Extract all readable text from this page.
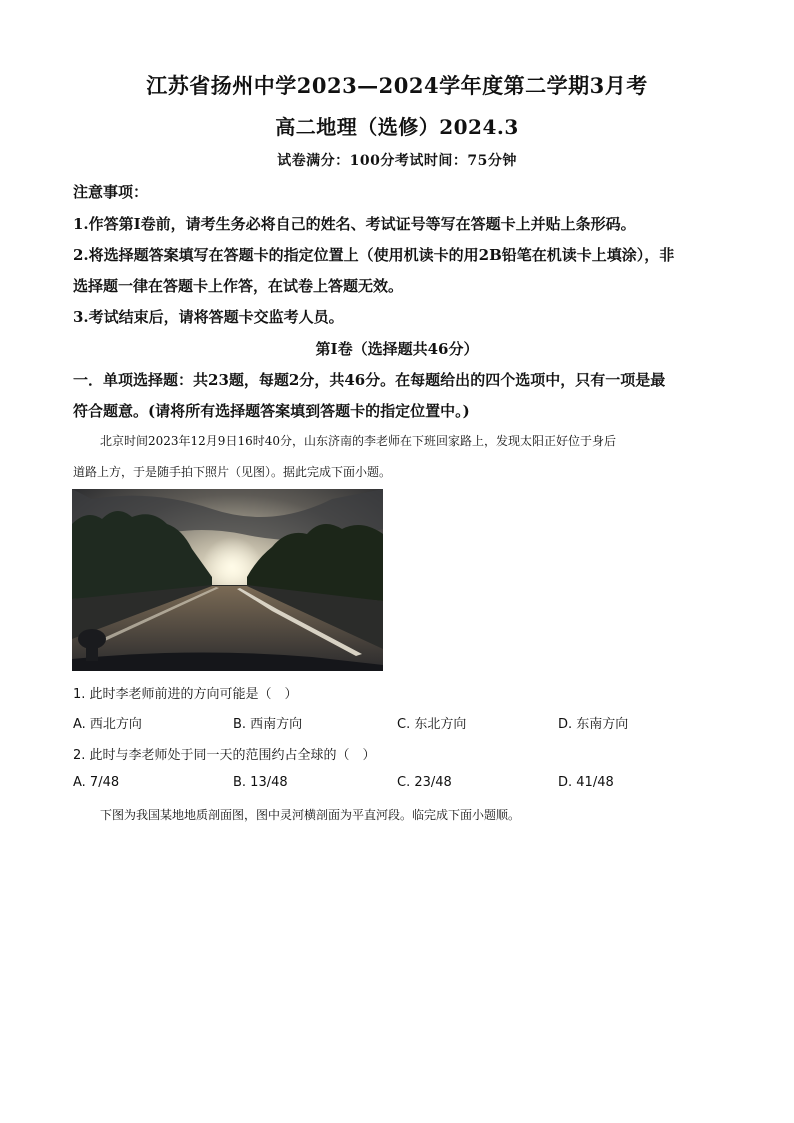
江苏省扬州中学2023—2024学年度第二学期3月考
高二地理（选修）2024.3
试卷满分：100分考试时间：75分钟
注意事项：
1.作答第Ⅰ卷前，请考生务必将自己的姓名、考试证号等写在答题卡上并贴上条形码。
2.将选择题答案填写在答题卡的指定位置上（使用机读卡的用2B铅笔在机读卡上填涂），非
选择题一律在答题卡上作答，在试卷上答题无效。
3.考试结束后，请将答题卡交监考人员。
第Ⅰ卷（选择题共46分）
一．单项选择题：共23题，每题2分，共46分。在每题给出的四个选项中，只有一项是最
符合题意。(请将所有选择题答案填到答题卡的指定位置中。)
北京时间2023年12月9日16时40分，山东济南的李老师在下班回家路上，发现太阳正好位于身后
道路上方，于是随手拍下照片（见图）。据此完成下面小题。
1. 此时李老师前进的方向可能是（　）
A. 西北方向	B. 西南方向	C. 东北方向	D. 东南方向
2. 此时与李老师处于同一天的范围约占全球的（　）
A. 7/48	B. 13/48	C. 23/48	D. 41/48
下图为我国某地地质剖面图，图中灵河横剖面为平直河段。临完成下面小题顺。
